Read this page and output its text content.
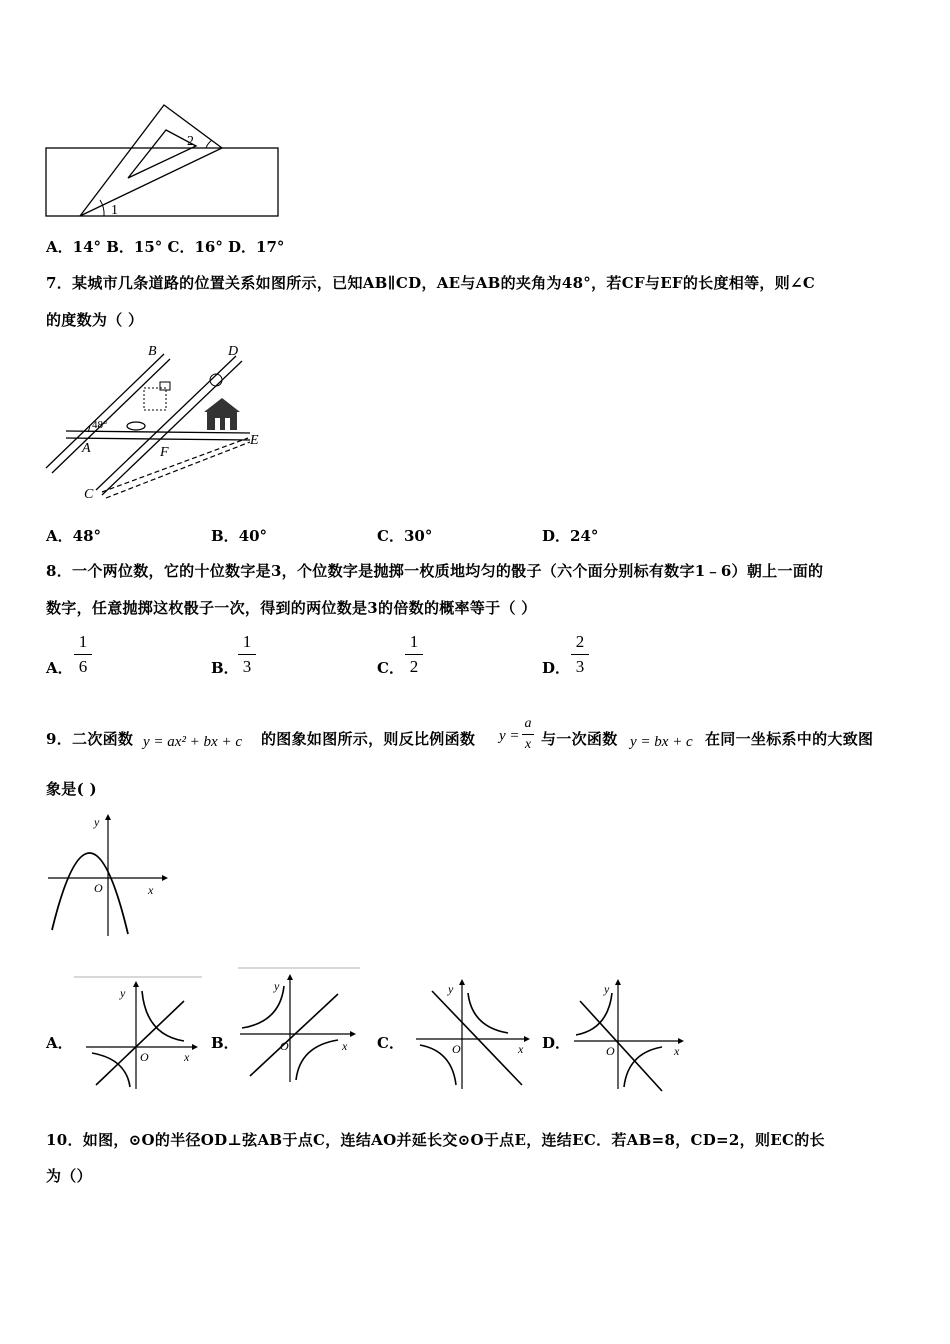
1
2
A．14° B．15° C．16° D．17°
7．某城市几条道路的位置关系如图所示，已知AB∥CD，AE与AB的夹角为48°，若CF与EF的长度相等，则∠C
的度数为（ ）
48°
B	D
A	F
E
C
A．48°	B．40°	C．30°	D．24°
8．一个两位数，它的十位数字是3，个位数字是抛掷一枚质地均匀的骰子（六个面分别标有数字1﹣6）朝上一面的
数字，任意抛掷这枚骰子一次，得到的两位数是3的倍数的概率等于（ ）
A．
1
6	B．
1
3	C．
1
2	D．
2
3
9．二次函数 y = ax² + bx + c 的图象如图所示，则反比例函数 y =
a
x 与一次函数 y = bx + c 在同一坐标系中的大致图
象是( )
x
y
O
A．
x
y
O
B．	x
y
O	C．	x
y
O	D．	x
y
O
10．如图，⊙O的半径OD⊥弦AB于点C，连结AO并延长交⊙O于点E，连结EC．若AB=8，CD=2，则EC的长
为（）
